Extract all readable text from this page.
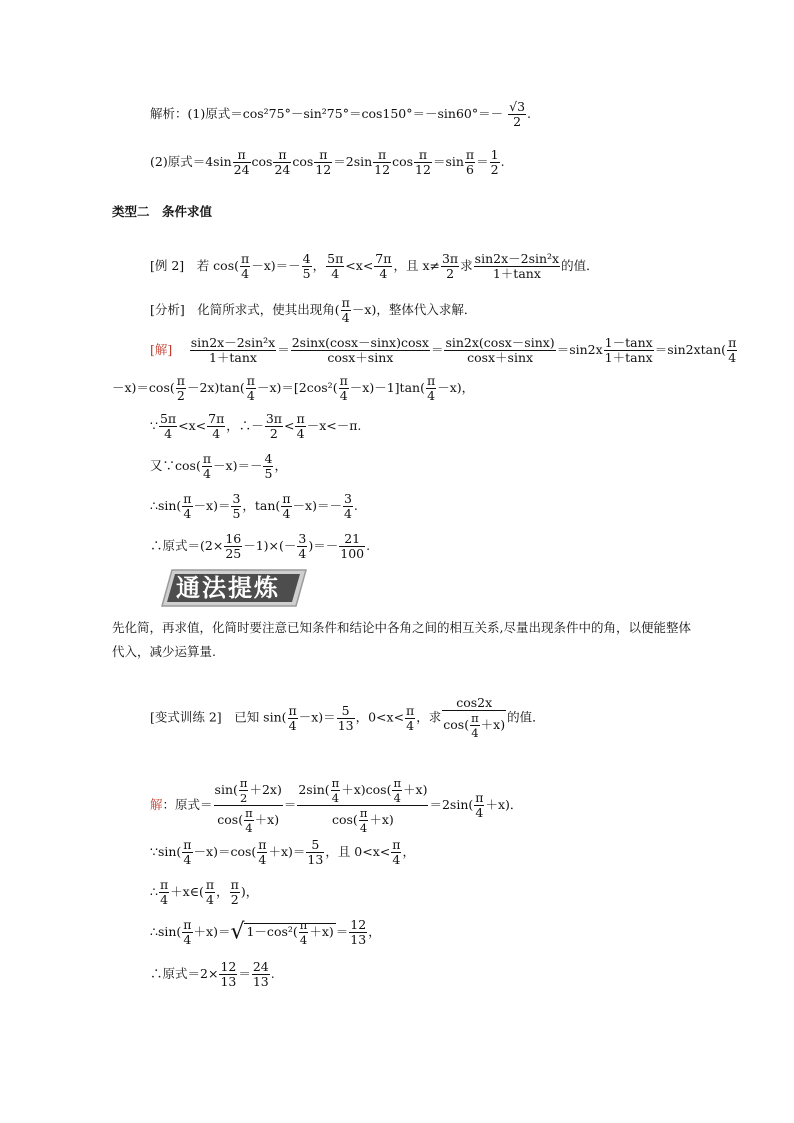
解析：(1)原式$=\cos^275^\circ-\sin^275^\circ=\cos 150^\circ=-\sin 60^\circ=- \frac{√3}{2}$ .
(2)原式$=4\sin \frac{\pi}{24}$ $\cos \frac{\pi}{24}$ $\cos \frac{\pi}{12} =2\sin \frac{\pi}{12}$ $\cos \frac{\pi}{12} =\sin \frac{\pi}{6} = \frac{1}{2}$ .
类型二　条件求值
[例 2]　 若 $\cos( \frac{\pi}{4} -x)=- \frac{4}{5}$ ， $\frac{5\pi}{4} <x< \frac{7\pi}{4}$ ，且 $x\ne \frac{3\pi}{2}$ 求 $\frac{\text{sin2x－2sin²x}}{1+\tan x}$ 的值．
[分析]　 化简所求式，使其出现角( $\frac{\pi}{4} -x$)，整体代入求解．
[解]　 $\frac{\text{sin2x－2sin²x}}{1+\tan x} = \frac{2\sin x(\cos x-\sin x)\cos x}{\cos x+\sin x} = \frac{\sin 2x(\cos x-\sin x)}{\cos x+\sin x} =\sin 2x \frac{1-\tan x}{1+\tan x} =\sin 2xtan( \frac{\pi}{4}$
$-x)=\cos( \frac{\pi}{2} -2x)\tan( \frac{\pi}{4} -x)=[2\cos^2( \frac{\pi}{4} -x)-1]\tan( \frac{\pi}{4} -x)$，
∵ $\frac{5\pi}{4} <x< \frac{7\pi}{4}$ ，∴－ $\frac{3\pi}{2} < \frac{\pi}{4} -x<-\pi$.
又∵cos( $\frac{\pi}{4} -x)=- \frac{4}{5}$ ，
∴sin( $\frac{\pi}{4} -x)= \frac{3}{5}$ ，$\tan( \frac{\pi}{4} -x)=- \frac{3}{4}$ .
∴原式$=(2\times \frac{16}{25} -1)\times(- \frac{3}{4}$ )＝－ $\frac{21}{100}$ .
通法提炼
先化简，再求值，化简时要注意已知条件和结论中各角之间的相互关系,尽量出现条件中的角，以便能整体代入，减少运算量.
[变式训练 2]　 已知 $\sin( \frac{\pi}{4} -x)= \frac{5}{13}$ ，$0<x< \frac{\pi}{4}$ ，求 $\frac{\cos 2x}{\cos( \frac{\pi}{4} +x)}$ 的值．
解：原式＝ $\frac{\sin( \frac{\pi}{2} +2x)}{\cos( \frac{\pi}{4} +x)} = \frac{2\sin( \frac{\pi}{4} +x)\cos( \frac{\pi}{4} +x)}{\cos( \frac{\pi}{4} +x)} =2\sin( \frac{\pi}{4} +x)$．
∵sin( $\frac{\pi}{4} -x)=\cos( \frac{\pi}{4} +x)= \frac{5}{13}$ ，且 $0<x< \frac{\pi}{4}$ ，
∴ $\frac{\pi}{4}$ ＋x∈( $\frac{\pi}{4}$ ， $\frac{\pi}{2}$ )，
∴sin( $\frac{\pi}{4} +x)=√$ $1-\cos^2( \frac{\pi}{4} +x) = \frac{12}{13}$ ，
∴原式$=2\times \frac{12}{13} = \frac{24}{13}$ .
